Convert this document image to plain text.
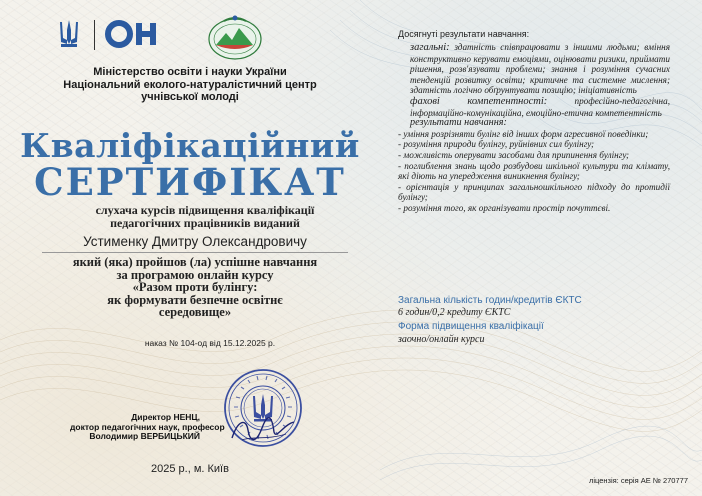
Міністерство освіти і науки України
Національний еколого-натуралістичний центр
учнівської молоді
Кваліфікаційний
СЕРТИФІКАТ
слухача курсів підвищення кваліфікації
педагогічних працівників виданий
Устименку Дмитру Олександровичу
який (яка) пройшов (ла) успішне навчання
за програмою онлайн курсу
«Разом проти булінгу:
як формувати безпечне освітнє
середовище»
наказ № 104-од від 15.12.2025 р.
Директор НЕНЦ,
доктор педагогічних наук, професор
Володимир ВЕРБИЦЬКИЙ
2025 р., м. Київ
Досягнуті результати навчання:

загальні: здатність співпрацювати з іншими людьми; вміння конструктивно керувати емоціями, оцінювати ризики, приймати рішення, розв'язувати проблеми; знання і розуміння сучасних тенденцій розвитку освіти; критичне та системне мислення; здатність логічно обґрунтувати позицію; ініціативність

фахові компетентності: професійно-педагогічна, інформаційно-комунікаційна, емоційно-етична компетентність

результати навчання:

- уміння розрізняти булінг від інших форм агресивної поведінки;

- розуміння природи булінгу, руйнівних сил булінгу;

- можливість оперувати засобами для припинення булінгу;

- поглиблення знань щодо розбудови шкільної культури та клімату, які діють на упередження виникнення булінгу;

- орієнтація у принципах загальношкільного підходу до протидії булінгу;

- розуміння того, як організувати простір почуттєві.

Загальна кількість годин/кредитів ЄКТС
6 годин/0,2 кредиту ЄКТС
Форма підвищення кваліфікації
заочно/онлайн курси
ліцензія: серія АЕ № 270777
